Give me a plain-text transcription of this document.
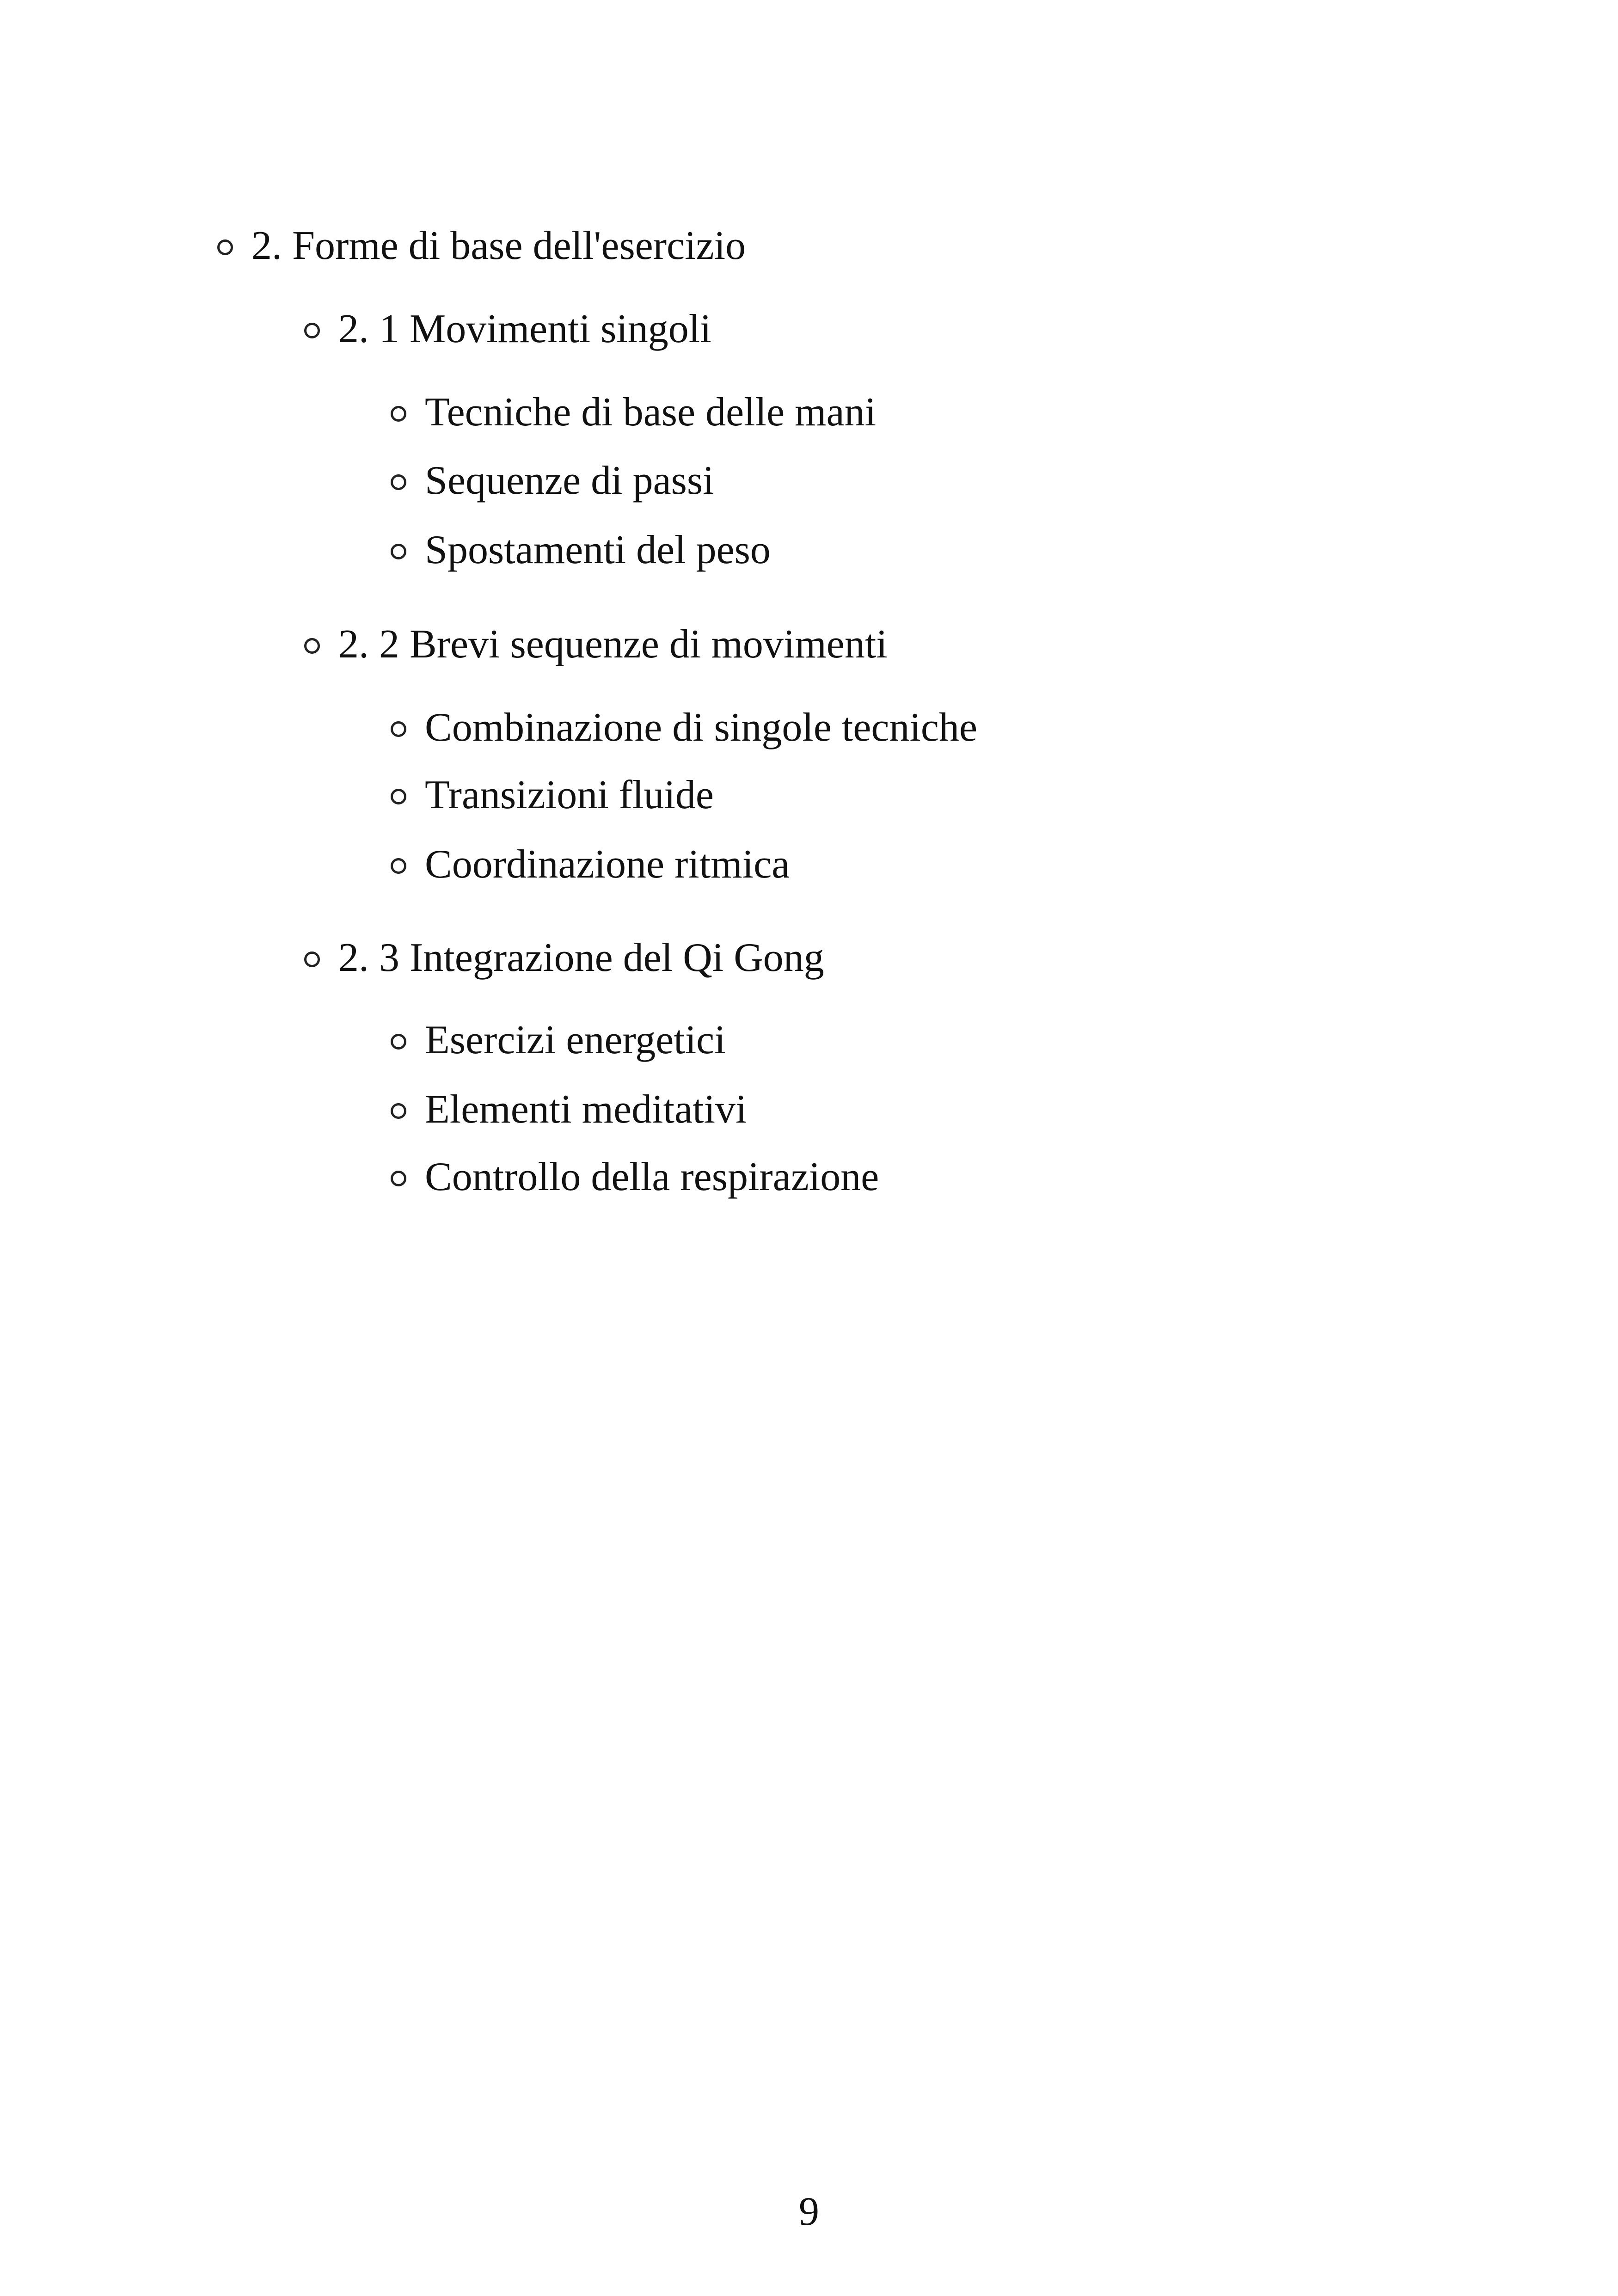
2. Forme di base dell'esercizio
2. 1 Movimenti singoli
Tecniche di base delle mani
Sequenze di passi
Spostamenti del peso
2. 2 Brevi sequenze di movimenti
Combinazione di singole tecniche
Transizioni fluide
Coordinazione ritmica
2. 3 Integrazione del Qi Gong
Esercizi energetici
Elementi meditativi
Controllo della respirazione
9
